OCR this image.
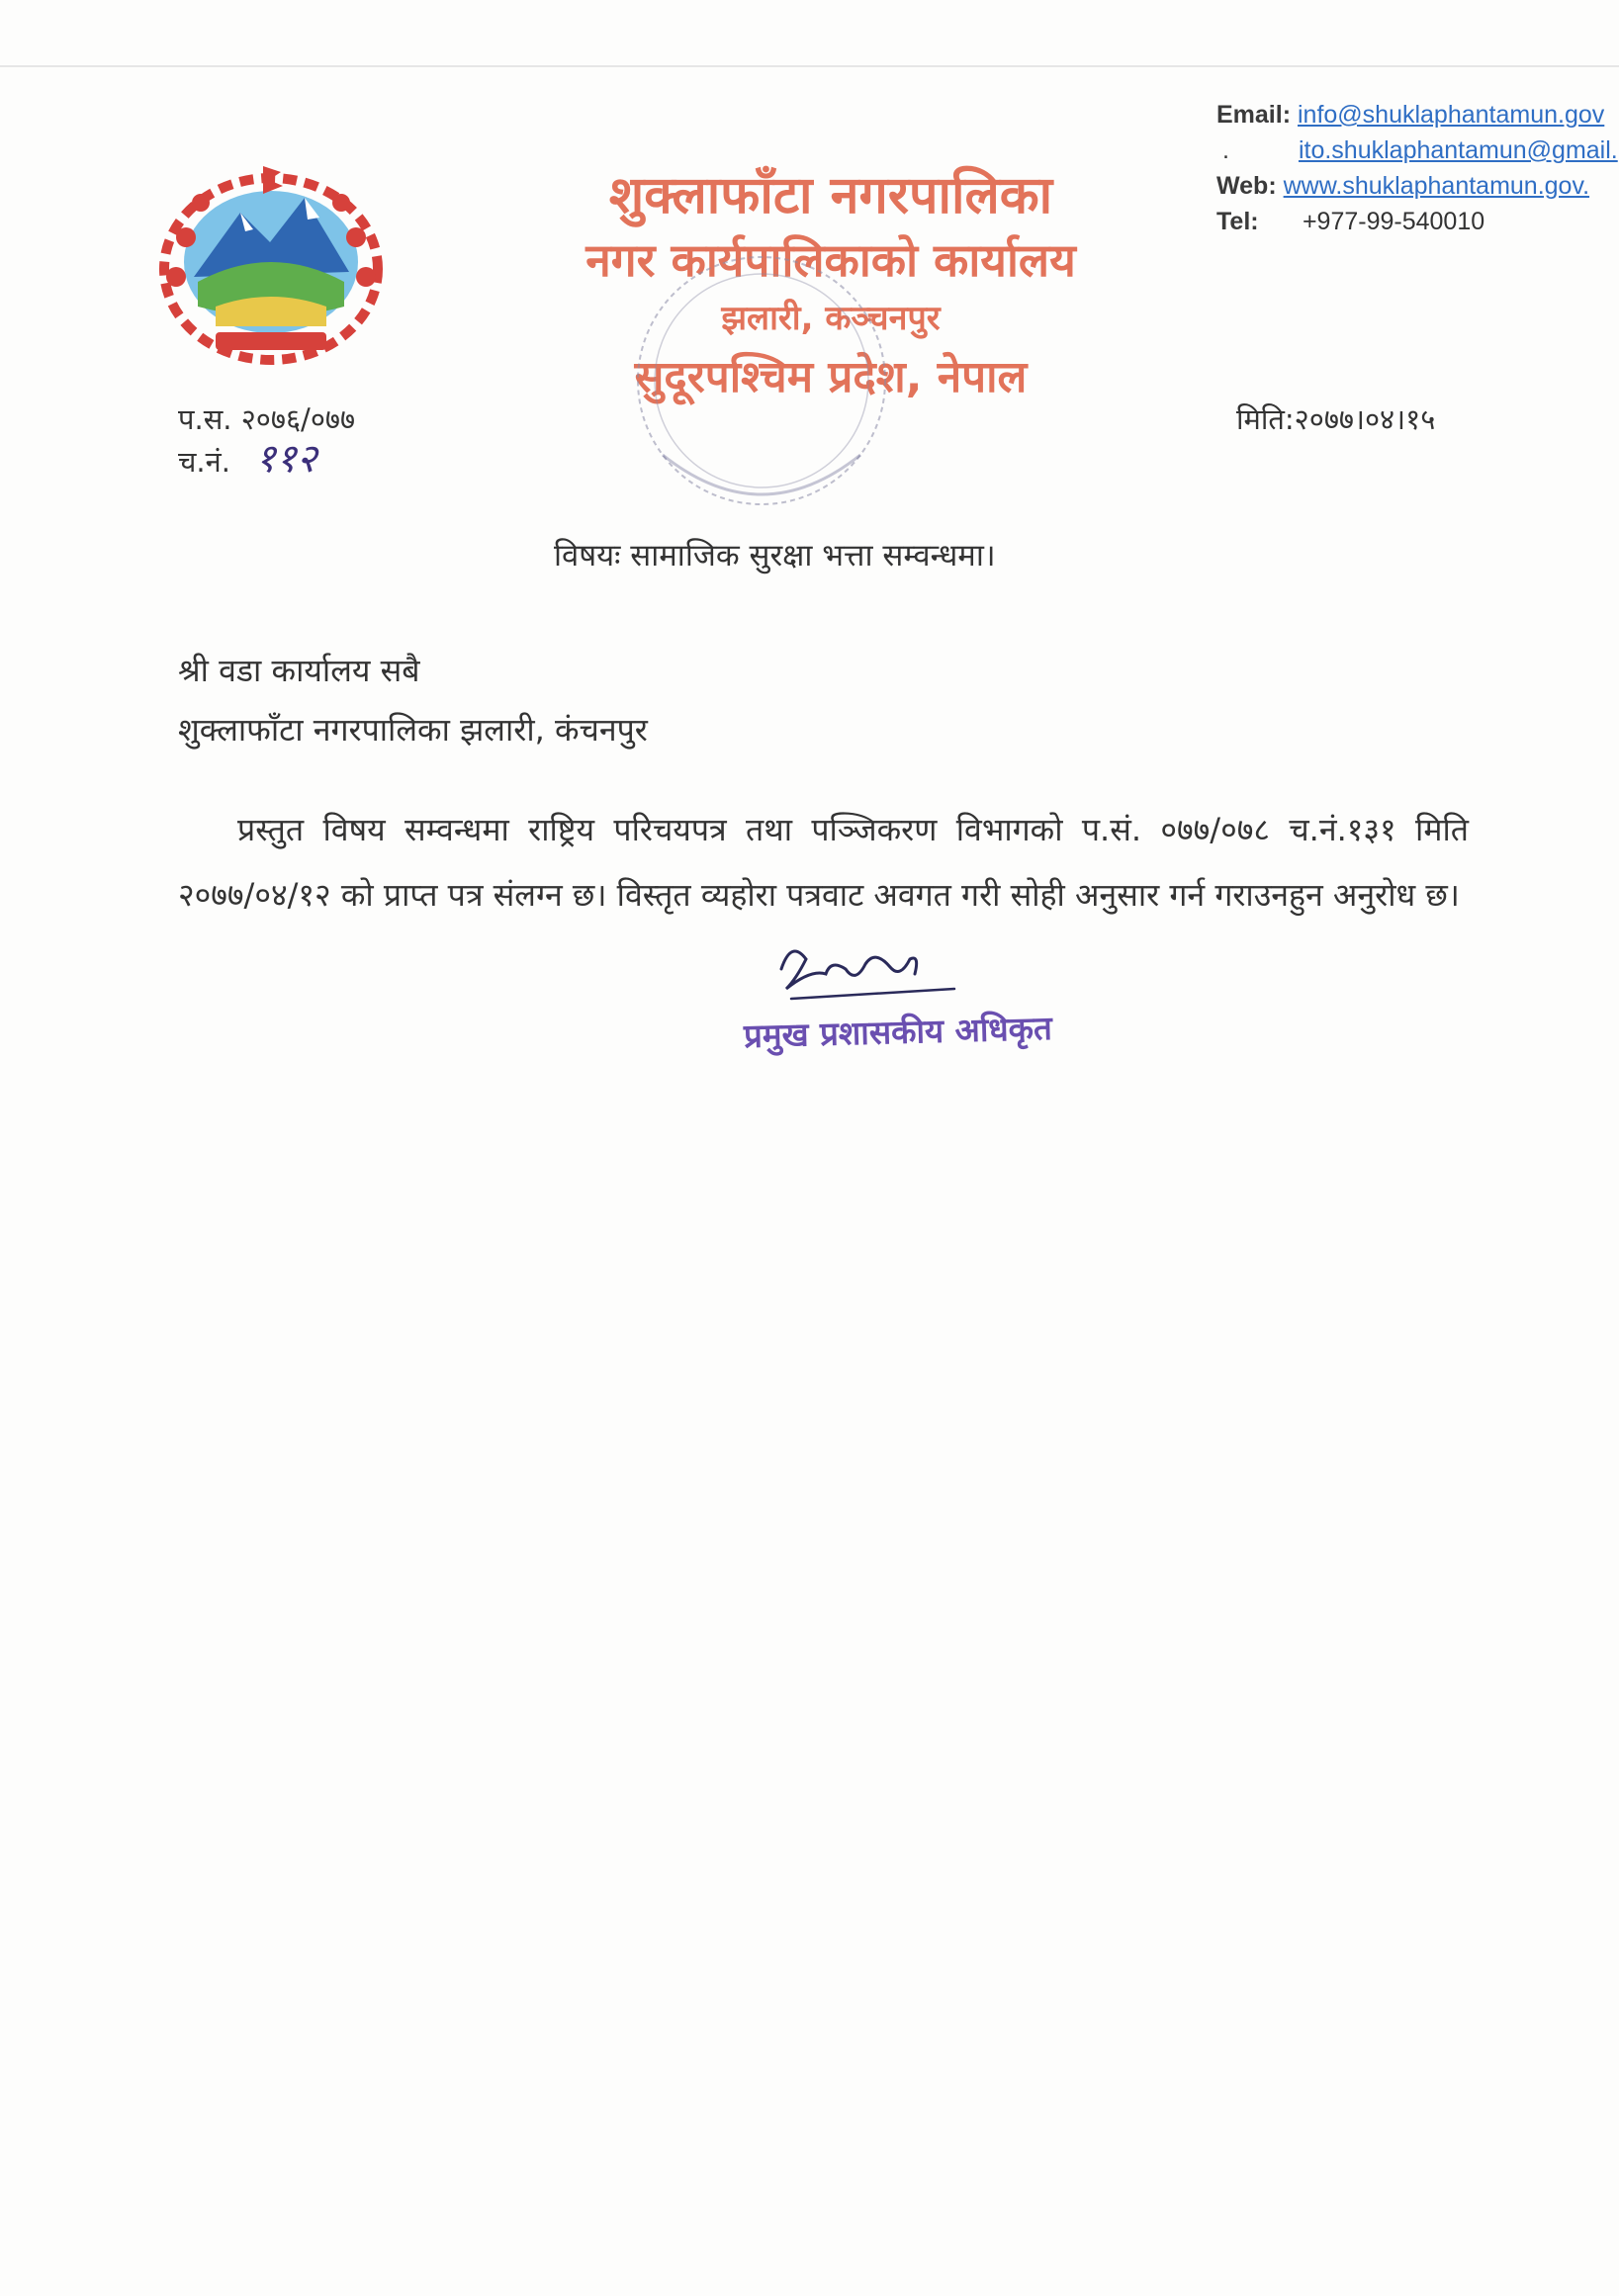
शुक्लाफाँटा नगरपालिका
नगर कार्यपालिकाको कार्यालय
झलारी, कञ्चनपुर
सुदूरपश्चिम प्रदेश, नेपाल
Email: info@shuklaphantamun.gov
.	ito.shuklaphantamun@gmail.
Web: www.shuklaphantamun.gov.
Tel: +977-99-540010
प.स. २०७६/०७७
च.नं. ११२
मिति:२०७७।०४।१५
विषयः सामाजिक सुरक्षा भत्ता सम्वन्धमा।
श्री वडा कार्यालय सबै
शुक्लाफाँटा नगरपालिका झलारी, कंचनपुर
प्रस्तुत विषय सम्वन्धमा राष्ट्रिय परिचयपत्र तथा पञ्जिकरण विभागको प.सं. ०७७/०७८ च.नं.१३१ मिति २०७७/०४/१२ को प्राप्त पत्र संलग्न छ। विस्तृत व्यहोरा पत्रवाट अवगत गरी सोही अनुसार गर्न गराउनहुन अनुरोध छ।
प्रमुख प्रशासकीय अधिकृत
